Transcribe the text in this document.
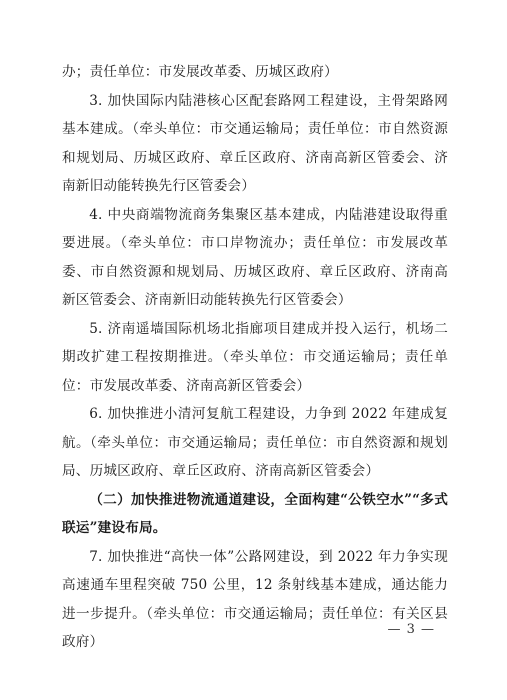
办；责任单位：市发展改革委、历城区政府）

3. 加快国际内陆港核心区配套路网工程建设，主骨架路网基本建成。（牵头单位：市交通运输局；责任单位：市自然资源和规划局、历城区政府、章丘区政府、济南高新区管委会、济南新旧动能转换先行区管委会）

4. 中央商端物流商务集聚区基本建成，内陆港建设取得重要进展。（牵头单位：市口岸物流办；责任单位：市发展改革委、市自然资源和规划局、历城区政府、章丘区政府、济南高新区管委会、济南新旧动能转换先行区管委会）

5. 济南遥墙国际机场北指廊项目建成并投入运行，机场二期改扩建工程按期推进。（牵头单位：市交通运输局；责任单位：市发展改革委、济南高新区管委会）

6. 加快推进小清河复航工程建设，力争到 2022 年建成复航。（牵头单位：市交通运输局；责任单位：市自然资源和规划局、历城区政府、章丘区政府、济南高新区管委会）

（二）加快推进物流通道建设，全面构建“公铁空水”“多式联运”建设布局。

7. 加快推进“高快一体”公路网建设，到 2022 年力争实现高速通车里程突破 750 公里，12 条射线基本建成，通达能力进一步提升。（牵头单位：市交通运输局；责任单位：有关区县政府）

— 3 —
